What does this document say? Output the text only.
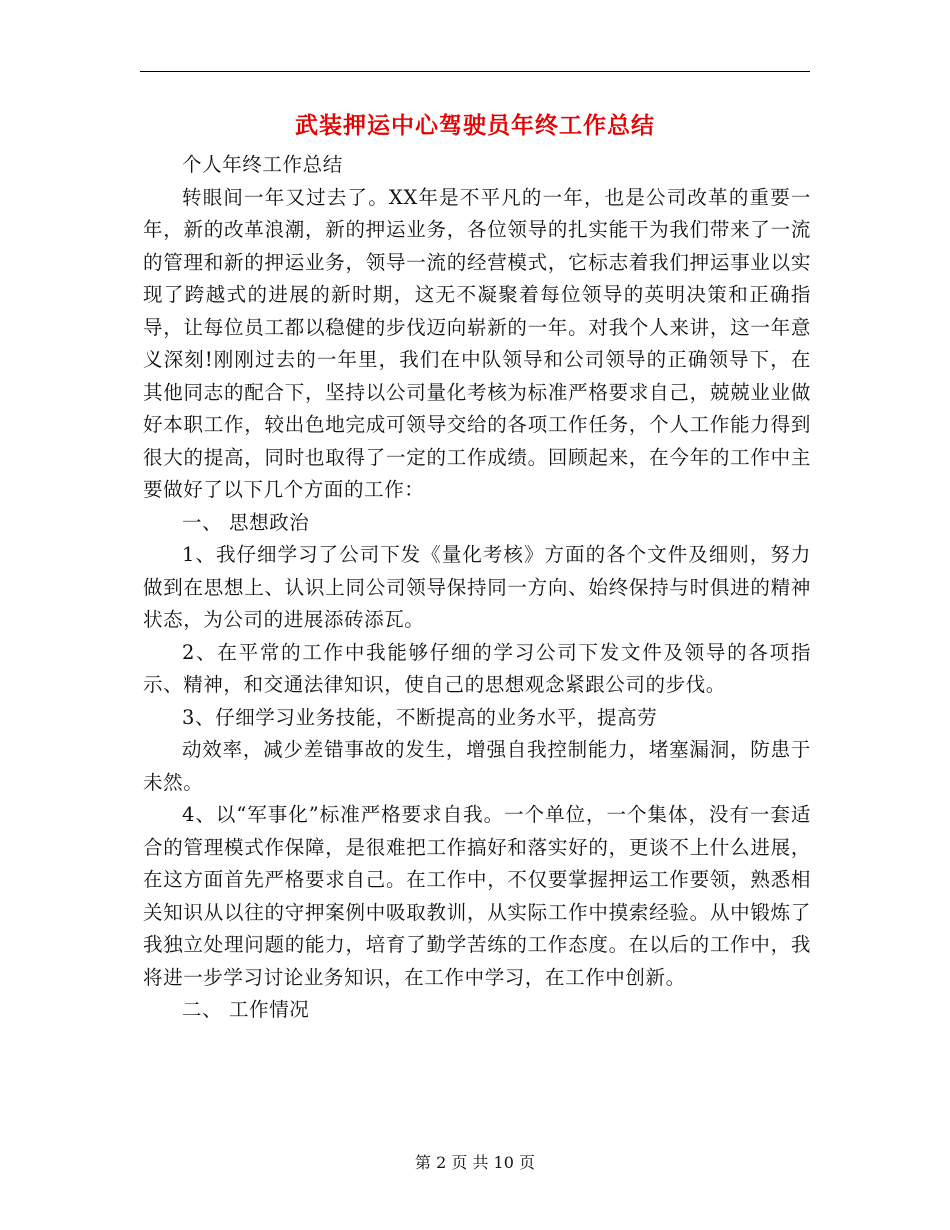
武装押运中心驾驶员年终工作总结

个人年终工作总结

转眼间一年又过去了。XX年是不平凡的一年，也是公司改革的重要一年，新的改革浪潮，新的押运业务，各位领导的扎实能干为我们带来了一流的管理和新的押运业务，领导一流的经营模式，它标志着我们押运事业以实现了跨越式的进展的新时期，这无不凝聚着每位领导的英明决策和正确指导，让每位员工都以稳健的步伐迈向崭新的一年。对我个人来讲，这一年意义深刻!刚刚过去的一年里，我们在中队领导和公司领导的正确领导下，在其他同志的配合下，坚持以公司量化考核为标准严格要求自己，兢兢业业做好本职工作，较出色地完成可领导交给的各项工作任务，个人工作能力得到很大的提高，同时也取得了一定的工作成绩。回顾起来，在今年的工作中主要做好了以下几个方面的工作：

一、 思想政治

1、我仔细学习了公司下发《量化考核》方面的各个文件及细则，努力做到在思想上、认识上同公司领导保持同一方向、始终保持与时俱进的精神状态，为公司的进展添砖添瓦。

2、在平常的工作中我能够仔细的学习公司下发文件及领导的各项指示、精神，和交通法律知识，使自己的思想观念紧跟公司的步伐。

3、仔细学习业务技能，不断提高的业务水平，提高劳

动效率，减少差错事故的发生，增强自我控制能力，堵塞漏洞，防患于未然。

4、以“军事化”标准严格要求自我。一个单位，一个集体，没有一套适合的管理模式作保障，是很难把工作搞好和落实好的，更谈不上什么进展，在这方面首先严格要求自己。在工作中，不仅要掌握押运工作要领，熟悉相关知识从以往的守押案例中吸取教训，从实际工作中摸索经验。从中锻炼了我独立处理问题的能力，培育了勤学苦练的工作态度。在以后的工作中，我将进一步学习讨论业务知识，在工作中学习，在工作中创新。

二、 工作情况

第 2 页 共 10 页
